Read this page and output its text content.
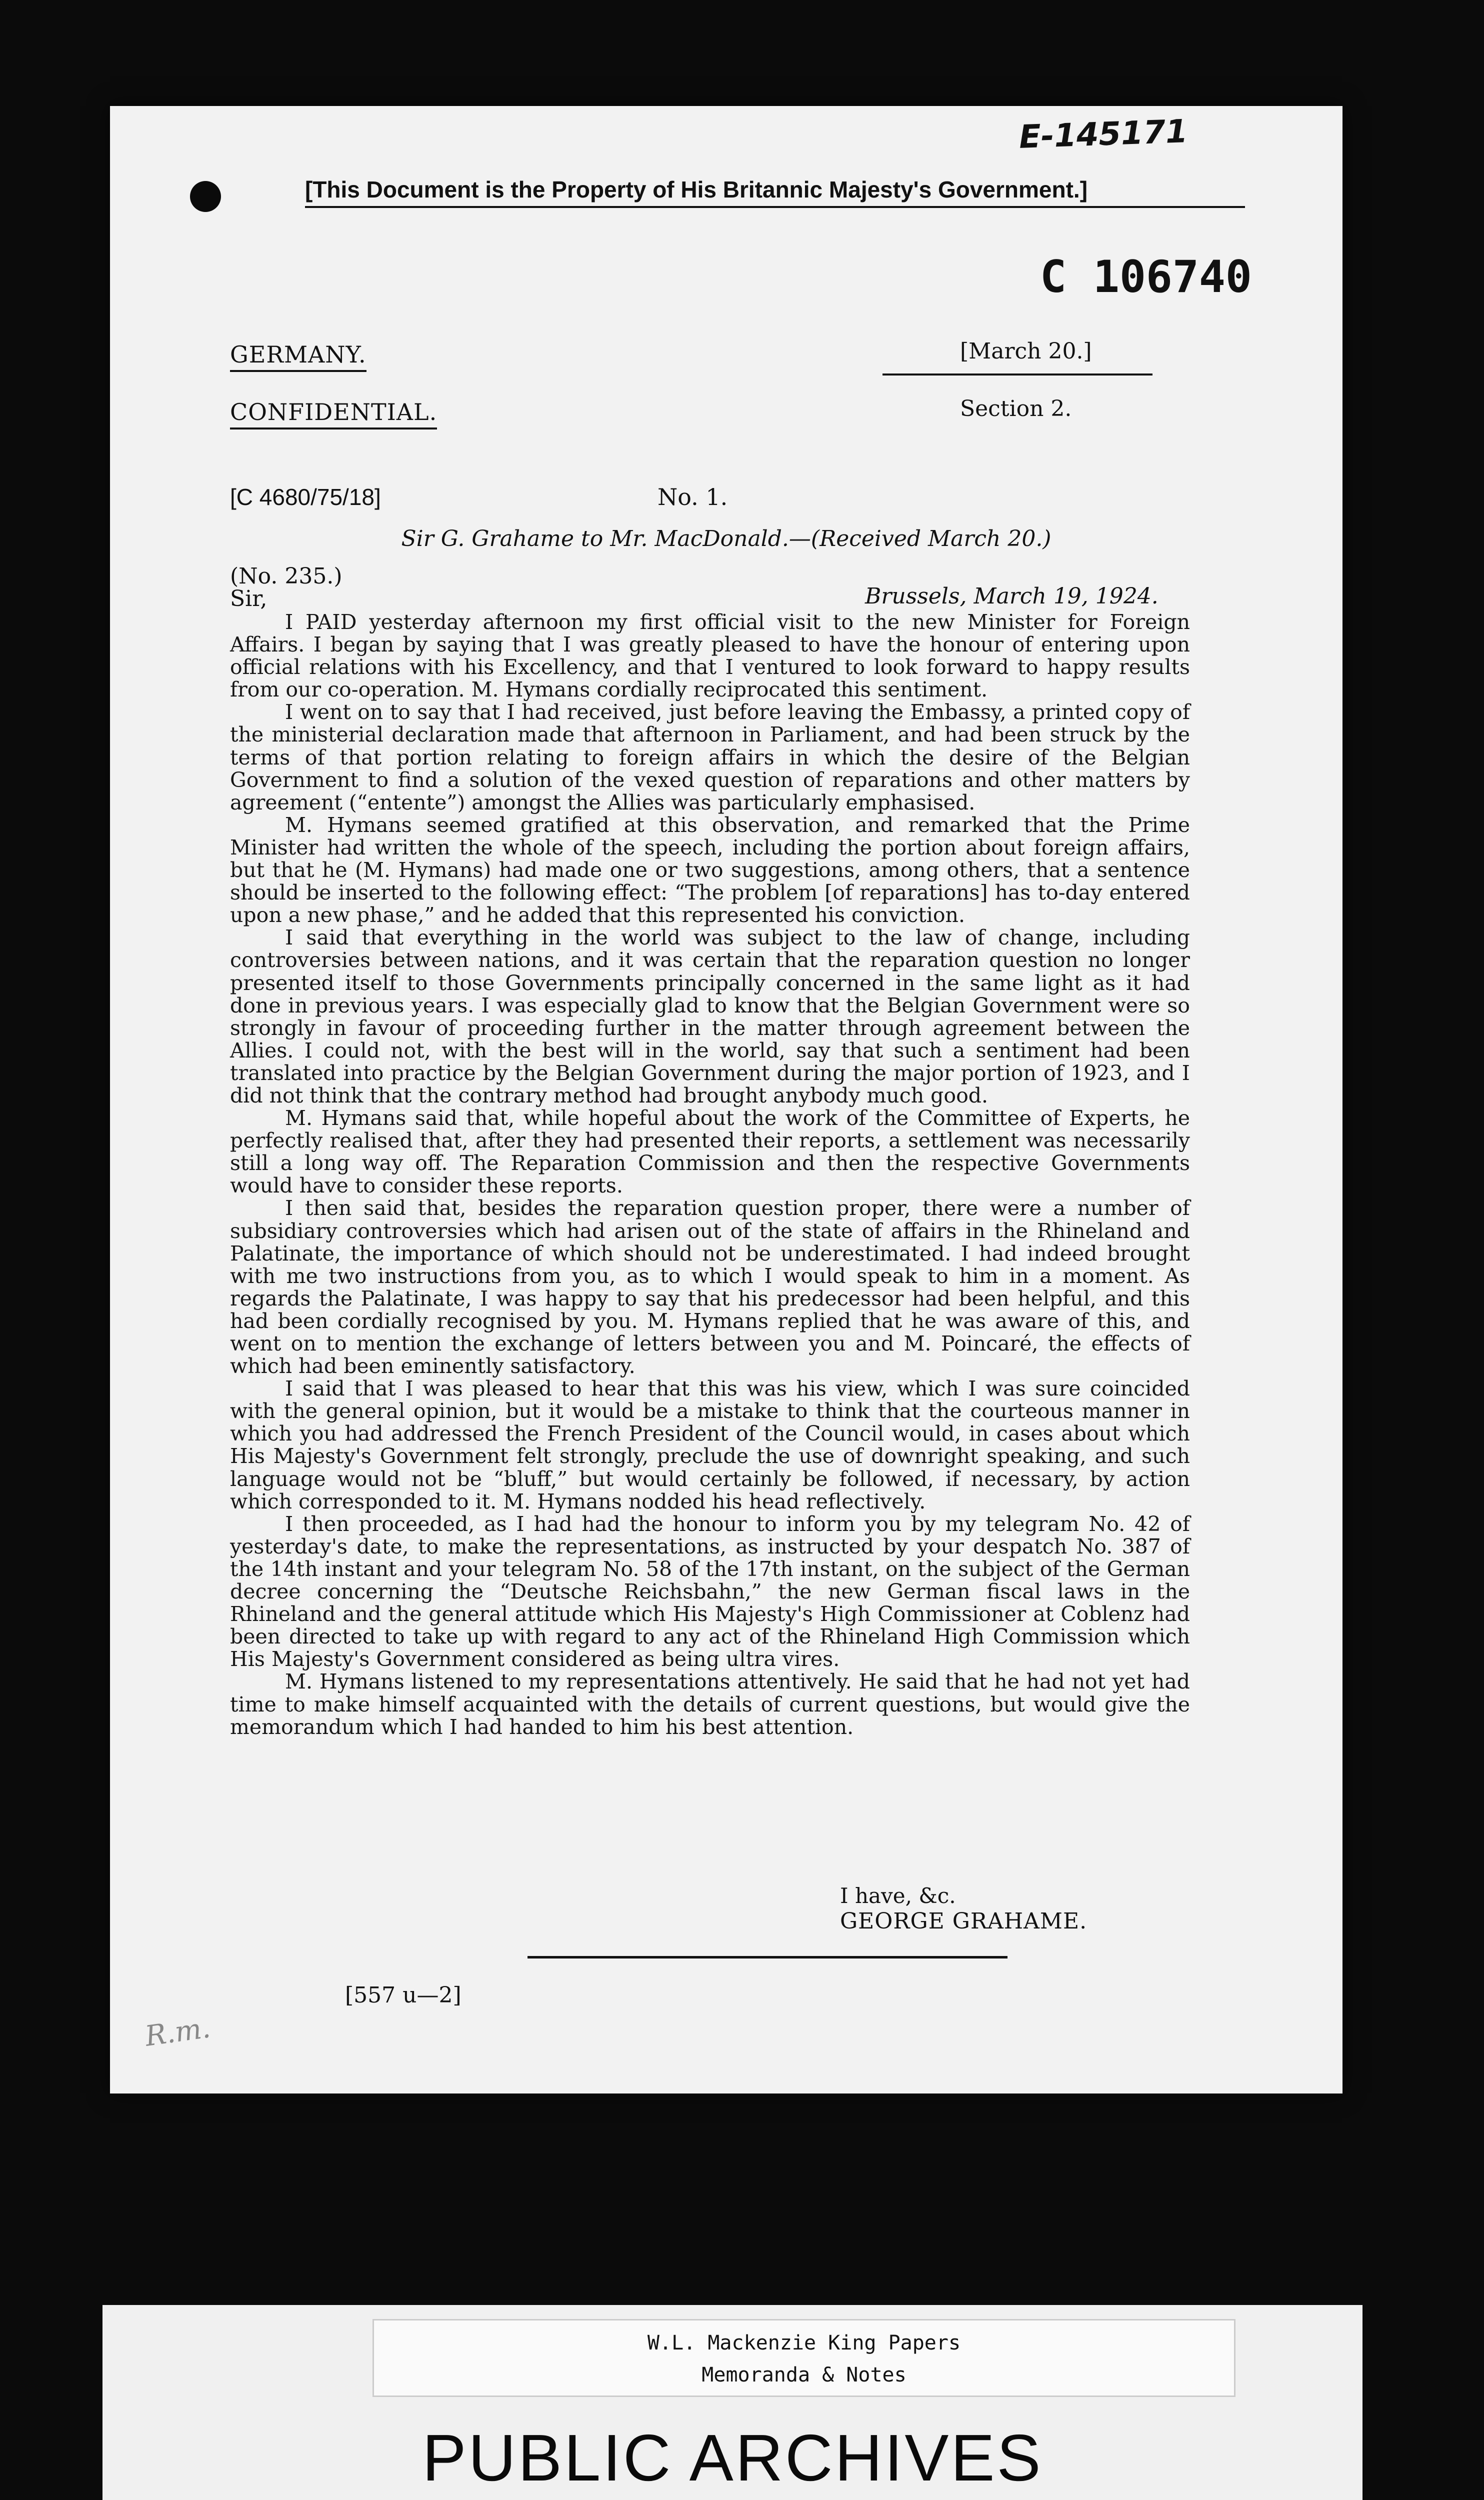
E-145171
[This Document is the Property of His Britannic Majesty's Government.]
C 106740
GERMANY.
CONFIDENTIAL.
[March 20.]
Section 2.
[C 4680/75/18]	No. 1.
Sir G. Grahame to Mr. MacDonald.—(Received March 20.)
(No. 235.)
Sir,	Brussels, March 19, 1924.

I PAID yesterday afternoon my first official visit to the new Minister for Foreign Affairs. I began by saying that I was greatly pleased to have the honour of entering upon official relations with his Excellency, and that I ventured to look forward to happy results from our co-operation. M. Hymans cordially reciprocated this sentiment.

I went on to say that I had received, just before leaving the Embassy, a printed copy of the ministerial declaration made that afternoon in Parliament, and had been struck by the terms of that portion relating to foreign affairs in which the desire of the Belgian Government to find a solution of the vexed question of reparations and other matters by agreement (“entente”) amongst the Allies was particularly emphasised.

M. Hymans seemed gratified at this observation, and remarked that the Prime Minister had written the whole of the speech, including the portion about foreign affairs, but that he (M. Hymans) had made one or two suggestions, among others, that a sentence should be inserted to the following effect: “The problem [of reparations] has to-day entered upon a new phase,” and he added that this represented his conviction.

I said that everything in the world was subject to the law of change, including controversies between nations, and it was certain that the reparation question no longer presented itself to those Governments principally concerned in the same light as it had done in previous years. I was especially glad to know that the Belgian Government were so strongly in favour of proceeding further in the matter through agreement between the Allies. I could not, with the best will in the world, say that such a sentiment had been translated into practice by the Belgian Government during the major portion of 1923, and I did not think that the contrary method had brought anybody much good.

M. Hymans said that, while hopeful about the work of the Committee of Experts, he perfectly realised that, after they had presented their reports, a settlement was necessarily still a long way off. The Reparation Commission and then the respective Governments would have to consider these reports.

I then said that, besides the reparation question proper, there were a number of subsidiary controversies which had arisen out of the state of affairs in the Rhineland and Palatinate, the importance of which should not be underestimated. I had indeed brought with me two instructions from you, as to which I would speak to him in a moment. As regards the Palatinate, I was happy to say that his predecessor had been helpful, and this had been cordially recognised by you. M. Hymans replied that he was aware of this, and went on to mention the exchange of letters between you and M. Poincaré, the effects of which had been eminently satisfactory.

I said that I was pleased to hear that this was his view, which I was sure coincided with the general opinion, but it would be a mistake to think that the courteous manner in which you had addressed the French President of the Council would, in cases about which His Majesty's Government felt strongly, preclude the use of downright speaking, and such language would not be “bluff,” but would certainly be followed, if necessary, by action which corresponded to it. M. Hymans nodded his head reflectively.

I then proceeded, as I had had the honour to inform you by my telegram No. 42 of yesterday's date, to make the representations, as instructed by your despatch No. 387 of the 14th instant and your telegram No. 58 of the 17th instant, on the subject of the German decree concerning the “Deutsche Reichsbahn,” the new German fiscal laws in the Rhineland and the general attitude which His Majesty's High Commissioner at Coblenz had been directed to take up with regard to any act of the Rhineland High Commission which His Majesty's Government considered as being ultra vires.

M. Hymans listened to my representations attentively. He said that he had not yet had time to make himself acquainted with the details of current questions, but would give the memorandum which I had handed to him his best attention.

I have, &c.
GEORGE GRAHAME.
[557 u—2]
R.m.
W.L. Mackenzie King Papers
Memoranda & Notes
PUBLIC ARCHIVES
